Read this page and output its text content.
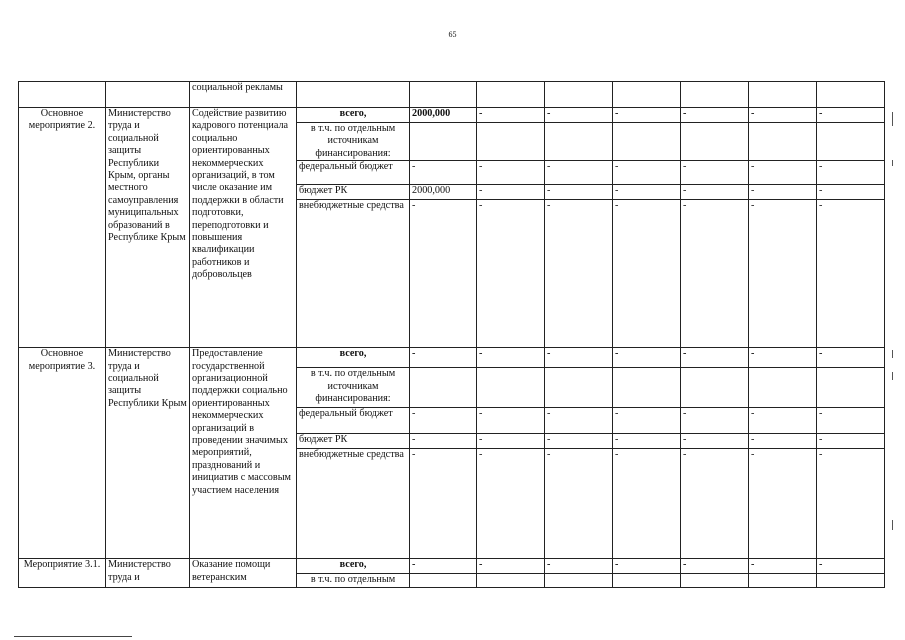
65
		социальной рекламы								
Основное мероприятие 2.	Министерство труда и социальной защиты Республики Крым, органы местного самоуправления муниципальных образований в Республике Крым	Содействие развитию кадрового потенциала социально ориентированных некоммерческих организаций, в том числе оказание им поддержки в области подготовки, переподготовки и повышения квалификации работников и добровольцев	всего,	2000,000	-	-	-	-	-	-
			в т.ч. по отдельным источникам финансирования:							
			федеральный бюджет	-	-	-	-	-	-	-
			бюджет РК	2000,000	-	-	-	-	-	-
			внебюджетные средства	-	-	-	-	-	-	-
Основное мероприятие 3.	Министерство труда и социальной защиты Республики Крым	Предоставление государственной организационной поддержки социально ориентированных некоммерческих организаций в проведении значимых мероприятий, празднований и инициатив с массовым участием населения	всего,	-	-	-	-	-	-	-
			в т.ч. по отдельным источникам финансирования:							
			федеральный бюджет	-	-	-	-	-	-	-
			бюджет РК	-	-	-	-	-	-	-
			внебюджетные средства	-	-	-	-	-	-	-
Мероприятие 3.1.	Министерство труда и	Оказание помощи ветеранским	всего,	-	-	-	-	-	-	-
			в т.ч. по отдельным							
